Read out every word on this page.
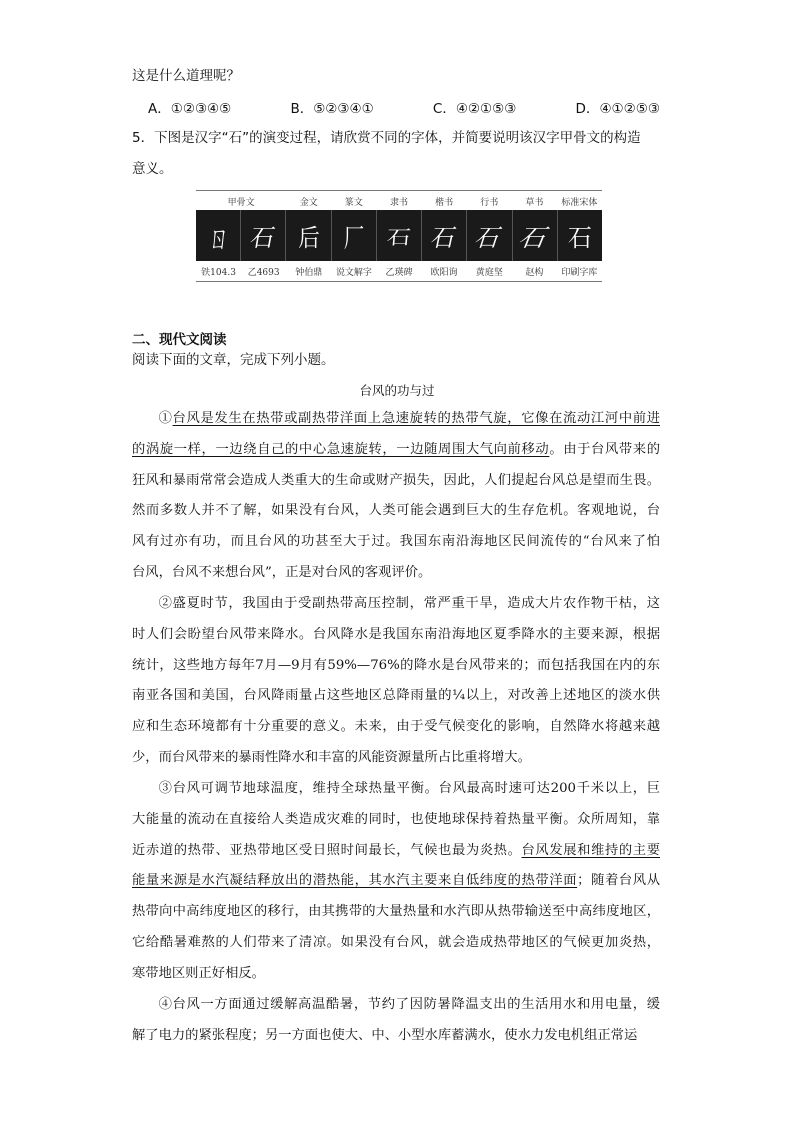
这是什么道理呢？
A．①②③④⑤	B．⑤②③④①	C．④②①⑤③	D．④①②⑤③
5．下图是汉字“石”的演变过程，请欣赏不同的字体，并简要说明该汉字甲骨文的构造
意义。
甲骨文	金文	篆文	隶书	楷书	行书	草书	标准宋体
ㄖ 石 后 厂 石 石 石 石 石
铁104.3	乙4693	钟伯鼎	说文解字	乙瑛碑	欧阳询	黄庭坚	赵构	印刷字库
二、现代文阅读
阅读下面的文章，完成下列小题。
台风的功与过
①台风是发生在热带或副热带洋面上急速旋转的热带气旋，它像在流动江河中前进
的涡旋一样，一边绕自己的中心急速旋转，一边随周围大气向前移动。由于台风带来的
狂风和暴雨常常会造成人类重大的生命或财产损失，因此，人们提起台风总是望而生畏。
然而多数人并不了解，如果没有台风，人类可能会遇到巨大的生存危机。客观地说，台
风有过亦有功，而且台风的功甚至大于过。我国东南沿海地区民间流传的“台风来了怕
台风，台风不来想台风”，正是对台风的客观评价。
②盛夏时节，我国由于受副热带高压控制，常严重干旱，造成大片农作物干枯，这
时人们会盼望台风带来降水。台风降水是我国东南沿海地区夏季降水的主要来源，根据
统计，这些地方每年7月—9月有59%—76%的降水是台风带来的；而包括我国在内的东
南亚各国和美国，台风降雨量占这些地区总降雨量的¼以上，对改善上述地区的淡水供
应和生态环境都有十分重要的意义。未来，由于受气候变化的影响，自然降水将越来越
少，而台风带来的暴雨性降水和丰富的风能资源量所占比重将增大。
③台风可调节地球温度，维持全球热量平衡。台风最高时速可达200千米以上，巨
大能量的流动在直接给人类造成灾难的同时，也使地球保持着热量平衡。众所周知，靠
近赤道的热带、亚热带地区受日照时间最长，气候也最为炎热。台风发展和维持的主要
能量来源是水汽凝结释放出的潜热能，其水汽主要来自低纬度的热带洋面；随着台风从
热带向中高纬度地区的移行，由其携带的大量热量和水汽即从热带输送至中高纬度地区，
它给酷暑难熬的人们带来了清凉。如果没有台风，就会造成热带地区的气候更加炎热，
寒带地区则正好相反。
④台风一方面通过缓解高温酷暑，节约了因防暑降温支出的生活用水和用电量，缓
解了电力的紧张程度；另一方面也使大、中、小型水库蓄满水，使水力发电机组正常运
